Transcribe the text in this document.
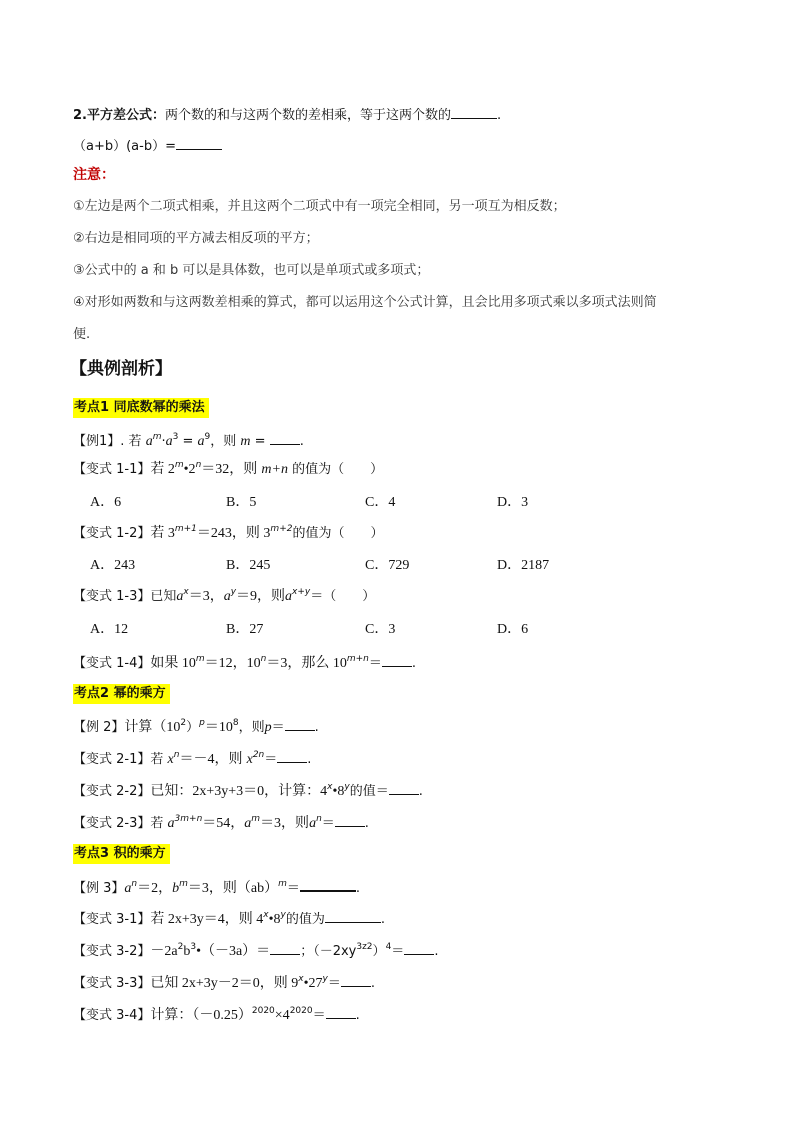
2.平方差公式：两个数的和与这两个数的差相乘，等于这两个数的	.
（a+b）(a-b）=
注意：
①左边是两个二项式相乘，并且这两个二项式中有一项完全相同，另一项互为相反数；
②右边是相同项的平方减去相反项的平方；
③公式中的 a 和 b 可以是具体数，也可以是单项式或多项式；
④对形如两数和与这两数差相乘的算式，都可以运用这个公式计算，且会比用多项式乘以多项式法则简
便.
【典例剖析】
考点1 同底数幂的乘法
【例1】. 若 $a^m\cdot a^3 = a^9$，则 m = .
【变式 1-1】若 $2^m•2^n=32$，则 m+n 的值为（　　）
A．6	B．5	C．4	D．3
【变式 1-2】若 $3^{m+1}=243$，则 $3^{m+2}$的值为（　　）
A．243	B．245	C．729	D．2187
【变式 1-3】已知$a^x=3$，$a^y=9$，则$a^{x+y}=$（　　）
A．12	B．27	C．3	D．6
【变式 1-4】如果 $10^m=12$，$10^n=3$，那么 $10^{m+n}=$ .
考点2 幂的乘方
【例 2】计算$(10^2)^p=10^8$，则p＝ .
【变式 2-1】若 $x^n=-4$，则 $x^{2n}=$ .
【变式 2-2】已知：2x+3y+3＝0，计算：4$^x$•8$^y$的值＝ .
【变式 2-3】若 $a^{3m+n}=54$，$a^m=3$，则$a^n=$ .
考点3 积的乘方
【例 3】$a^n=2$，$b^m=3$，则（ab）$^m$＝	.
【变式 3-1】若 2x+3y＝4，则 4$^x$•8$^y$的值为	.
【变式 3-2】$-2a^2b^3•(-3a)=$ ；$(-2xy^{3z2})^4=$ .
【变式 3-3】已知 2x+3y－2＝0，则 $9^x•27^y=$ .
【变式 3-4】计算：$(-0.25)^{2020}\times 4^{2020}=$ .
